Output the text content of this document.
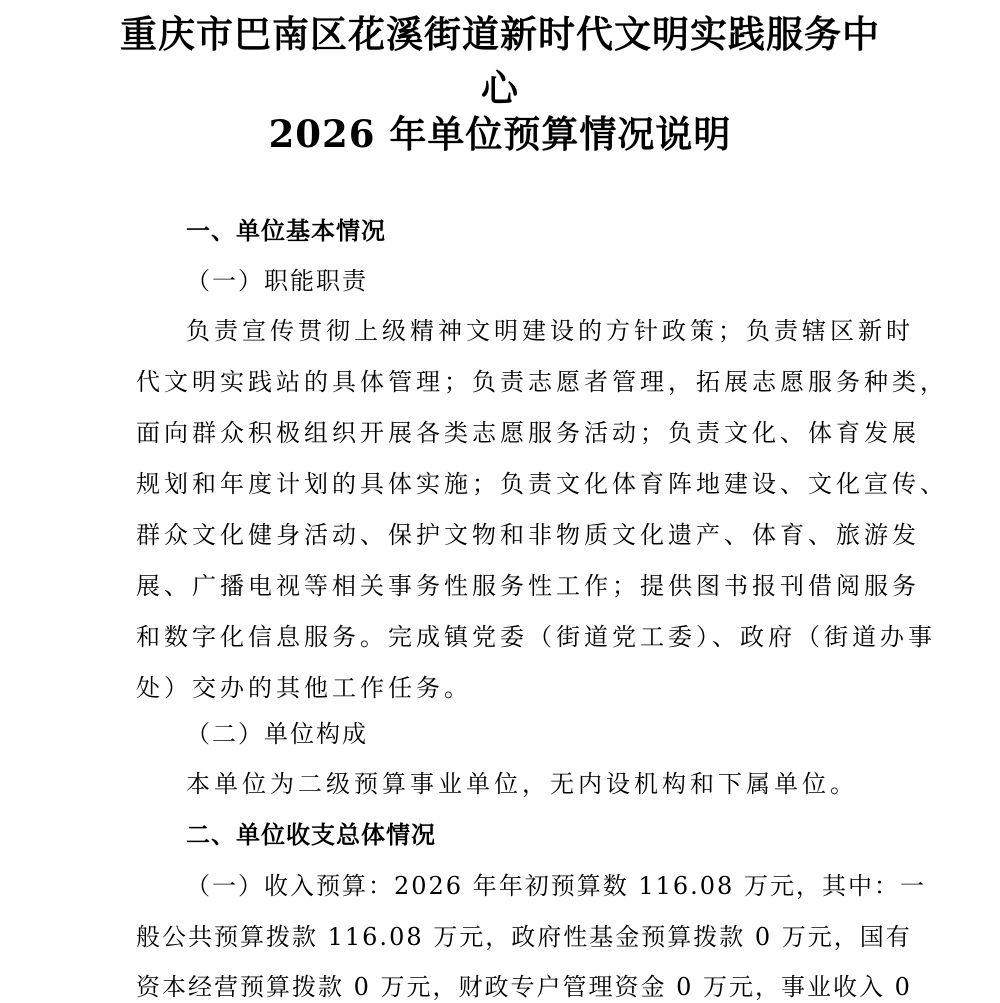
重庆市巴南区花溪街道新时代文明实践服务中
心
2026 年单位预算情况说明
一、单位基本情况
（一）职能职责
负责宣传贯彻上级精神文明建设的方针政策；负责辖区新时
代文明实践站的具体管理；负责志愿者管理，拓展志愿服务种类，
面向群众积极组织开展各类志愿服务活动；负责文化、体育发展
规划和年度计划的具体实施；负责文化体育阵地建设、文化宣传、
群众文化健身活动、保护文物和非物质文化遗产、体育、旅游发
展、广播电视等相关事务性服务性工作；提供图书报刊借阅服务
和数字化信息服务。完成镇党委（街道党工委）、政府（街道办事
处）交办的其他工作任务。
（二）单位构成
本单位为二级预算事业单位，无内设机构和下属单位。
二、单位收支总体情况
（一）收入预算：2026 年年初预算数 116.08 万元，其中：一
般公共预算拨款 116.08 万元，政府性基金预算拨款 0 万元，国有
资本经营预算拨款 0 万元，财政专户管理资金 0 万元，事业收入 0
